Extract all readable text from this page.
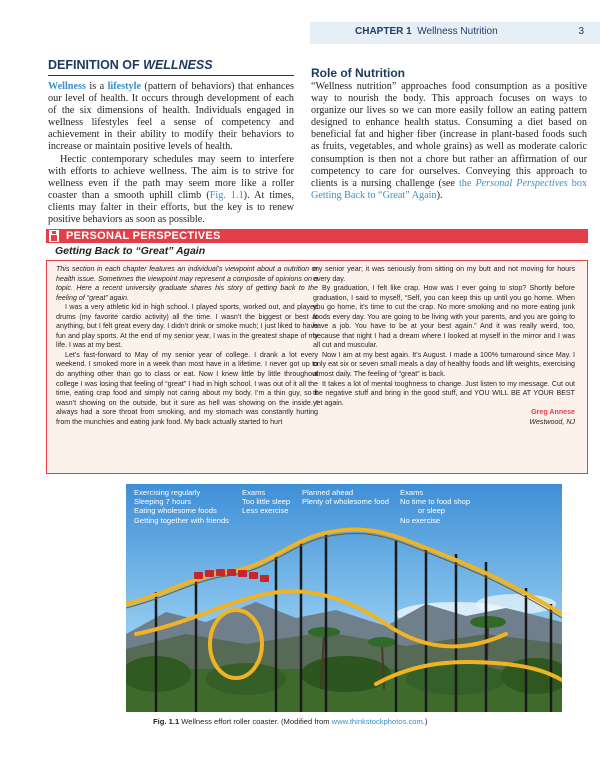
CHAPTER 1 Wellness Nutrition	3
DEFINITION OF WELLNESS

Wellness is a lifestyle (pattern of behaviors) that enhances our level of health. It occurs through development of each of the six dimensions of health. Individuals engaged in wellness lifestyles feel a sense of competency and achievement in their ability to modify their behaviors to increase or maintain positive levels of health.

Hectic contemporary schedules may seem to interfere with efforts to achieve wellness. The aim is to strive for wellness even if the path may seem more like a roller coaster than a smooth uphill climb (Fig. 1.1). At times, clients may falter in their efforts, but the key is to renew positive behaviors as soon as possible.

Role of Nutrition

“Wellness nutrition” approaches food consumption as a positive way to nourish the body. This approach focuses on ways to organize our lives so we can more easily follow an eating pattern designed to enhance health status. Consuming a diet based on beneficial fat and higher fiber (increase in plant-based foods such as fruits, vegetables, and whole grains) as well as moderate caloric consumption is then not a chore but rather an affirmation of our competency to care for ourselves. Conveying this approach to clients is a nursing challenge (see the Personal Perspectives box Getting Back to “Great” Again).

PERSONAL PERSPECTIVES
Getting Back to “Great” Again

This section in each chapter features an individual’s viewpoint about a nutrition or health issue. Sometimes the viewpoint may represent a composite of opinions on a topic. Here a recent university graduate shares his story of getting back to the feeling of “great” again.

I was a very athletic kid in high school. I played sports, worked out, and played drums (my favorite cardio activity) all the time. I wasn’t the biggest or best at anything, but I felt great every day. I didn’t drink or smoke much; I just liked to have fun and play sports. At the end of my senior year, I was in the greatest shape of my life. I was at my best.

Let’s fast-forward to May of my senior year of college. I drank a lot every weekend. I smoked more in a week than most have in a lifetime. I never got up to do anything other than go to class or eat. Now I knew little by little throughout college I was losing that feeling of “great” I had in high school. I was out of it all the time, eating crap food and simply not caring about my body. I’m a thin guy, so it wasn’t showing on the outside, but it sure as hell was showing on the inside. I always had a sore throat from smoking, and my stomach was constantly hurting from the munchies and eating junk food. My back actually started to hurt

my senior year; it was seriously from sitting on my butt and not moving for hours every day.

By graduation, I felt like crap. How was I ever going to stop? Shortly before graduation, I said to myself, “Self, you can keep this up until you go home. When you go home, it’s time to cut the crap. No more smoking and no more eating junk foods every day. You are going to be living with your parents, and you are going to have a job. You have to be at your best again.” And it was really weird, too, because that night I had a dream where I looked at myself in the mirror and I was all cut and muscular.

Now I am at my best again. It’s August. I made a 100% turnaround since May. I only eat six or seven small meals a day of healthy foods and lift weights, exercising almost daily. The feeling of “great” is back.

It takes a lot of mental toughness to change. Just listen to my message. Cut out the negative stuff and bring in the good stuff, and YOU WILL BE AT YOUR BEST yet again.

Greg Annese

Westwood, NJ

Exercising regularly
Sleeping 7 hours
Eating wholesome foods
Getting together with friends
Exams
Too little sleep
Less exercise
Planned ahead
Plenty of wholesome food
Exams
No time to food shop
or sleep
No exercise
Fig. 1.1 Wellness effort roller coaster. (Modified from www.thinkstockphotos.com.)
